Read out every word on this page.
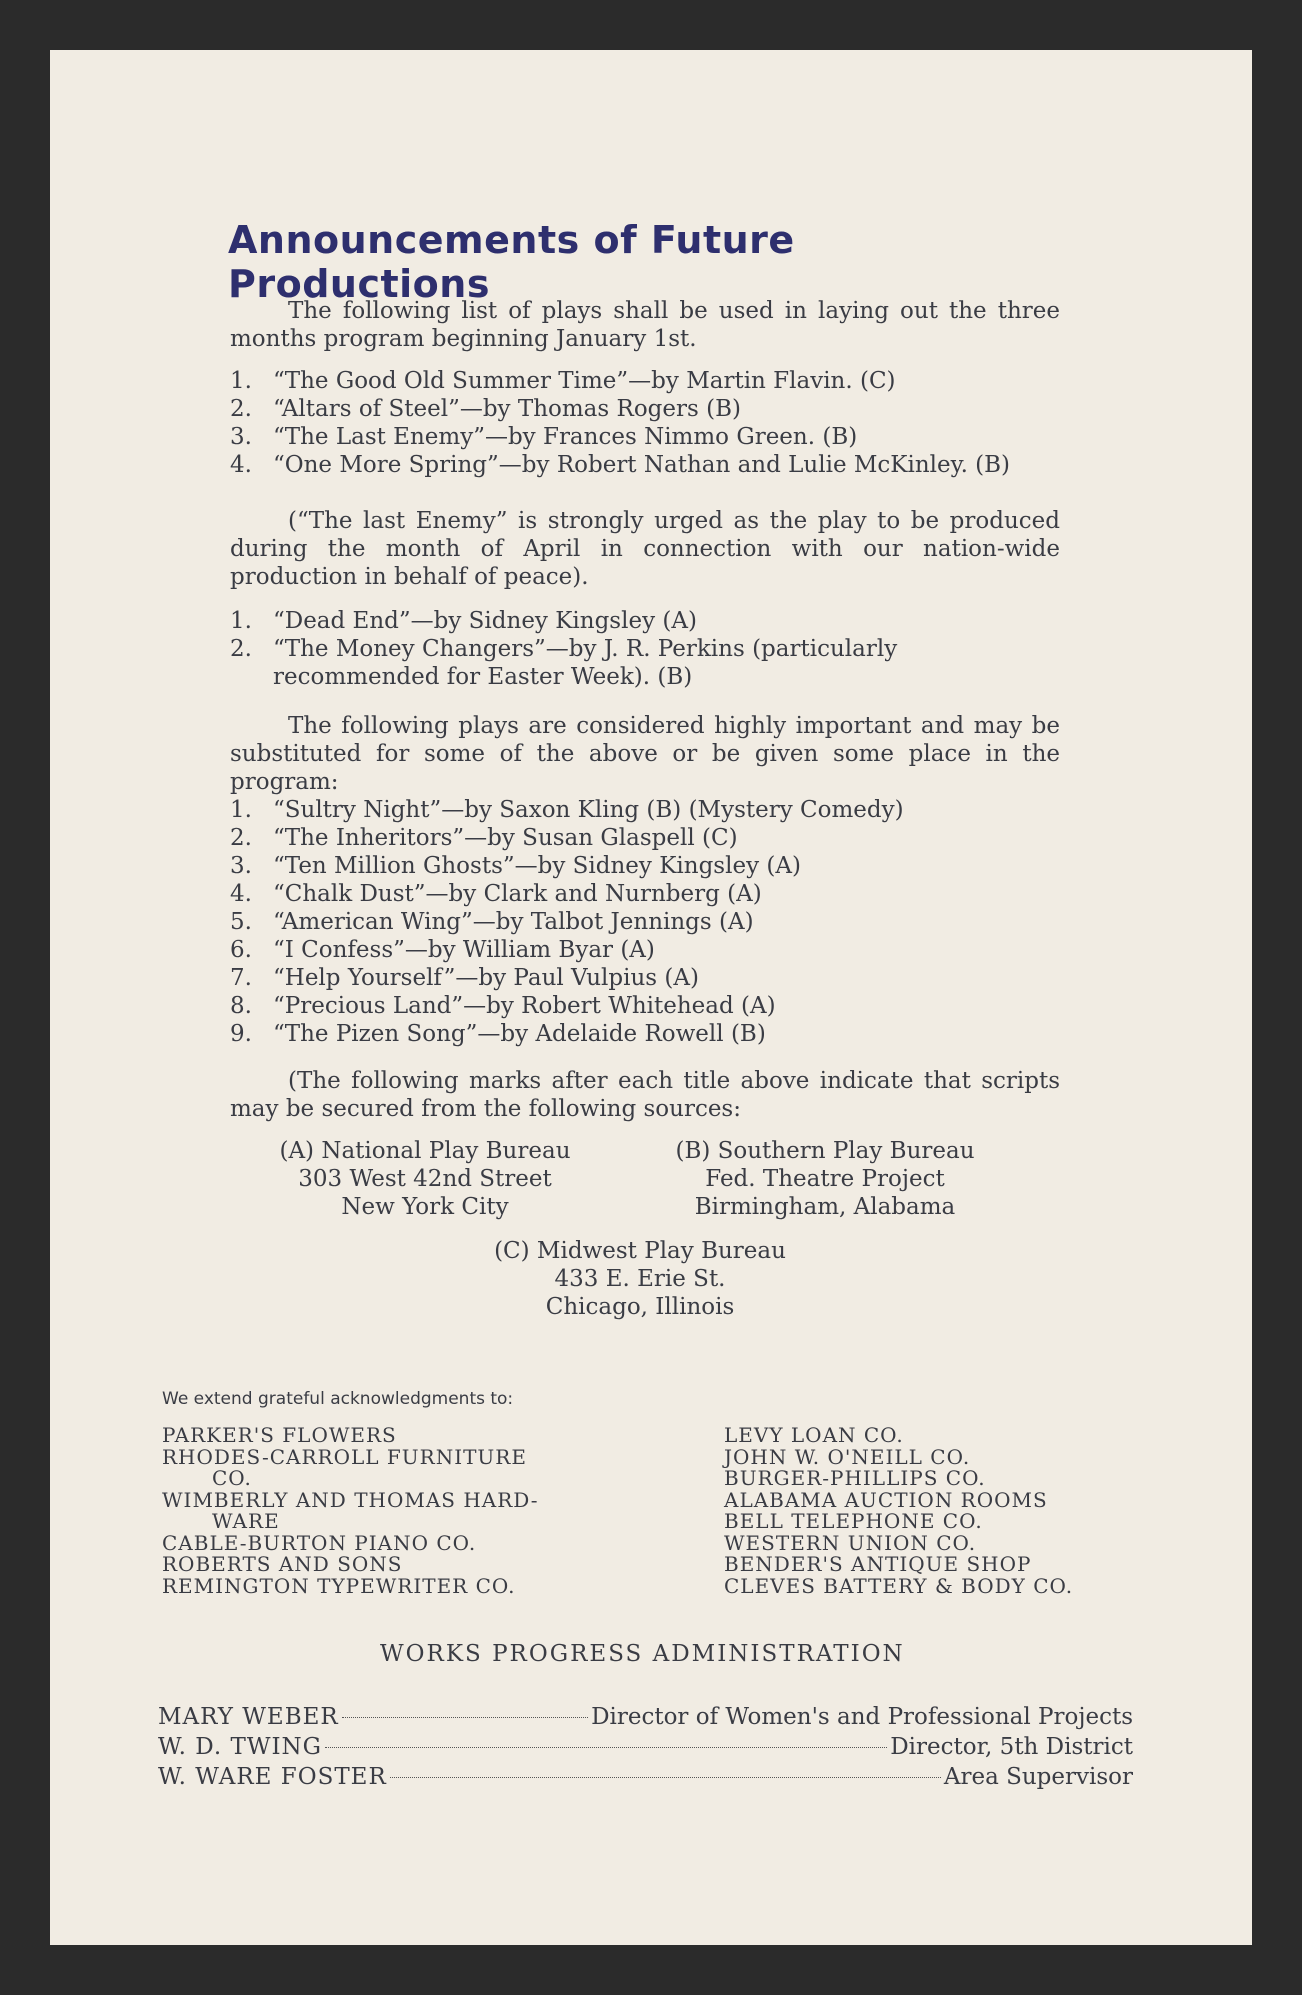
Announcements of Future Productions
The following list of plays shall be used in laying out the three months program beginning January 1st.
1. “The Good Old Summer Time”—by Martin Flavin. (C)
2. “Altars of Steel”—by Thomas Rogers (B)
3. “The Last Enemy”—by Frances Nimmo Green. (B)
4. “One More Spring”—by Robert Nathan and Lulie McKinley. (B)
(“The last Enemy” is strongly urged as the play to be produced during the month of April in connection with our nation-wide production in behalf of peace).
1. “Dead End”—by Sidney Kingsley (A)
2. “The Money Changers”—by J. R. Perkins (particularly recommended for Easter Week). (B)
The following plays are considered highly important and may be substituted for some of the above or be given some place in the program:
1. “Sultry Night”—by Saxon Kling (B) (Mystery Comedy)
2. “The Inheritors”—by Susan Glaspell (C)
3. “Ten Million Ghosts”—by Sidney Kingsley (A)
4. “Chalk Dust”—by Clark and Nurnberg (A)
5. “American Wing”—by Talbot Jennings (A)
6. “I Confess”—by William Byar (A)
7. “Help Yourself”—by Paul Vulpius (A)
8. “Precious Land”—by Robert Whitehead (A)
9. “The Pizen Song”—by Adelaide Rowell (B)
(The following marks after each title above indicate that scripts may be secured from the following sources:
(A) National Play Bureau
303 West 42nd Street
New York City
(B) Southern Play Bureau
Fed. Theatre Project
Birmingham, Alabama
(C) Midwest Play Bureau
433 E. Erie St.
Chicago, Illinois
We extend grateful acknowledgments to:
PARKER'S FLOWERS
RHODES-CARROLL FURNITURE
CO.
WIMBERLY AND THOMAS HARD-
WARE
CABLE-BURTON PIANO CO.
ROBERTS AND SONS
REMINGTON TYPEWRITER CO.
LEVY LOAN CO.
JOHN W. O'NEILL CO.
BURGER-PHILLIPS CO.
ALABAMA AUCTION ROOMS
BELL TELEPHONE CO.
WESTERN UNION CO.
BENDER'S ANTIQUE SHOP
CLEVES BATTERY & BODY CO.
WORKS PROGRESS ADMINISTRATION
MARY WEBER	Director of Women's and Professional Projects
W. D. TWING	Director, 5th District
W. WARE FOSTER	Area Supervisor
